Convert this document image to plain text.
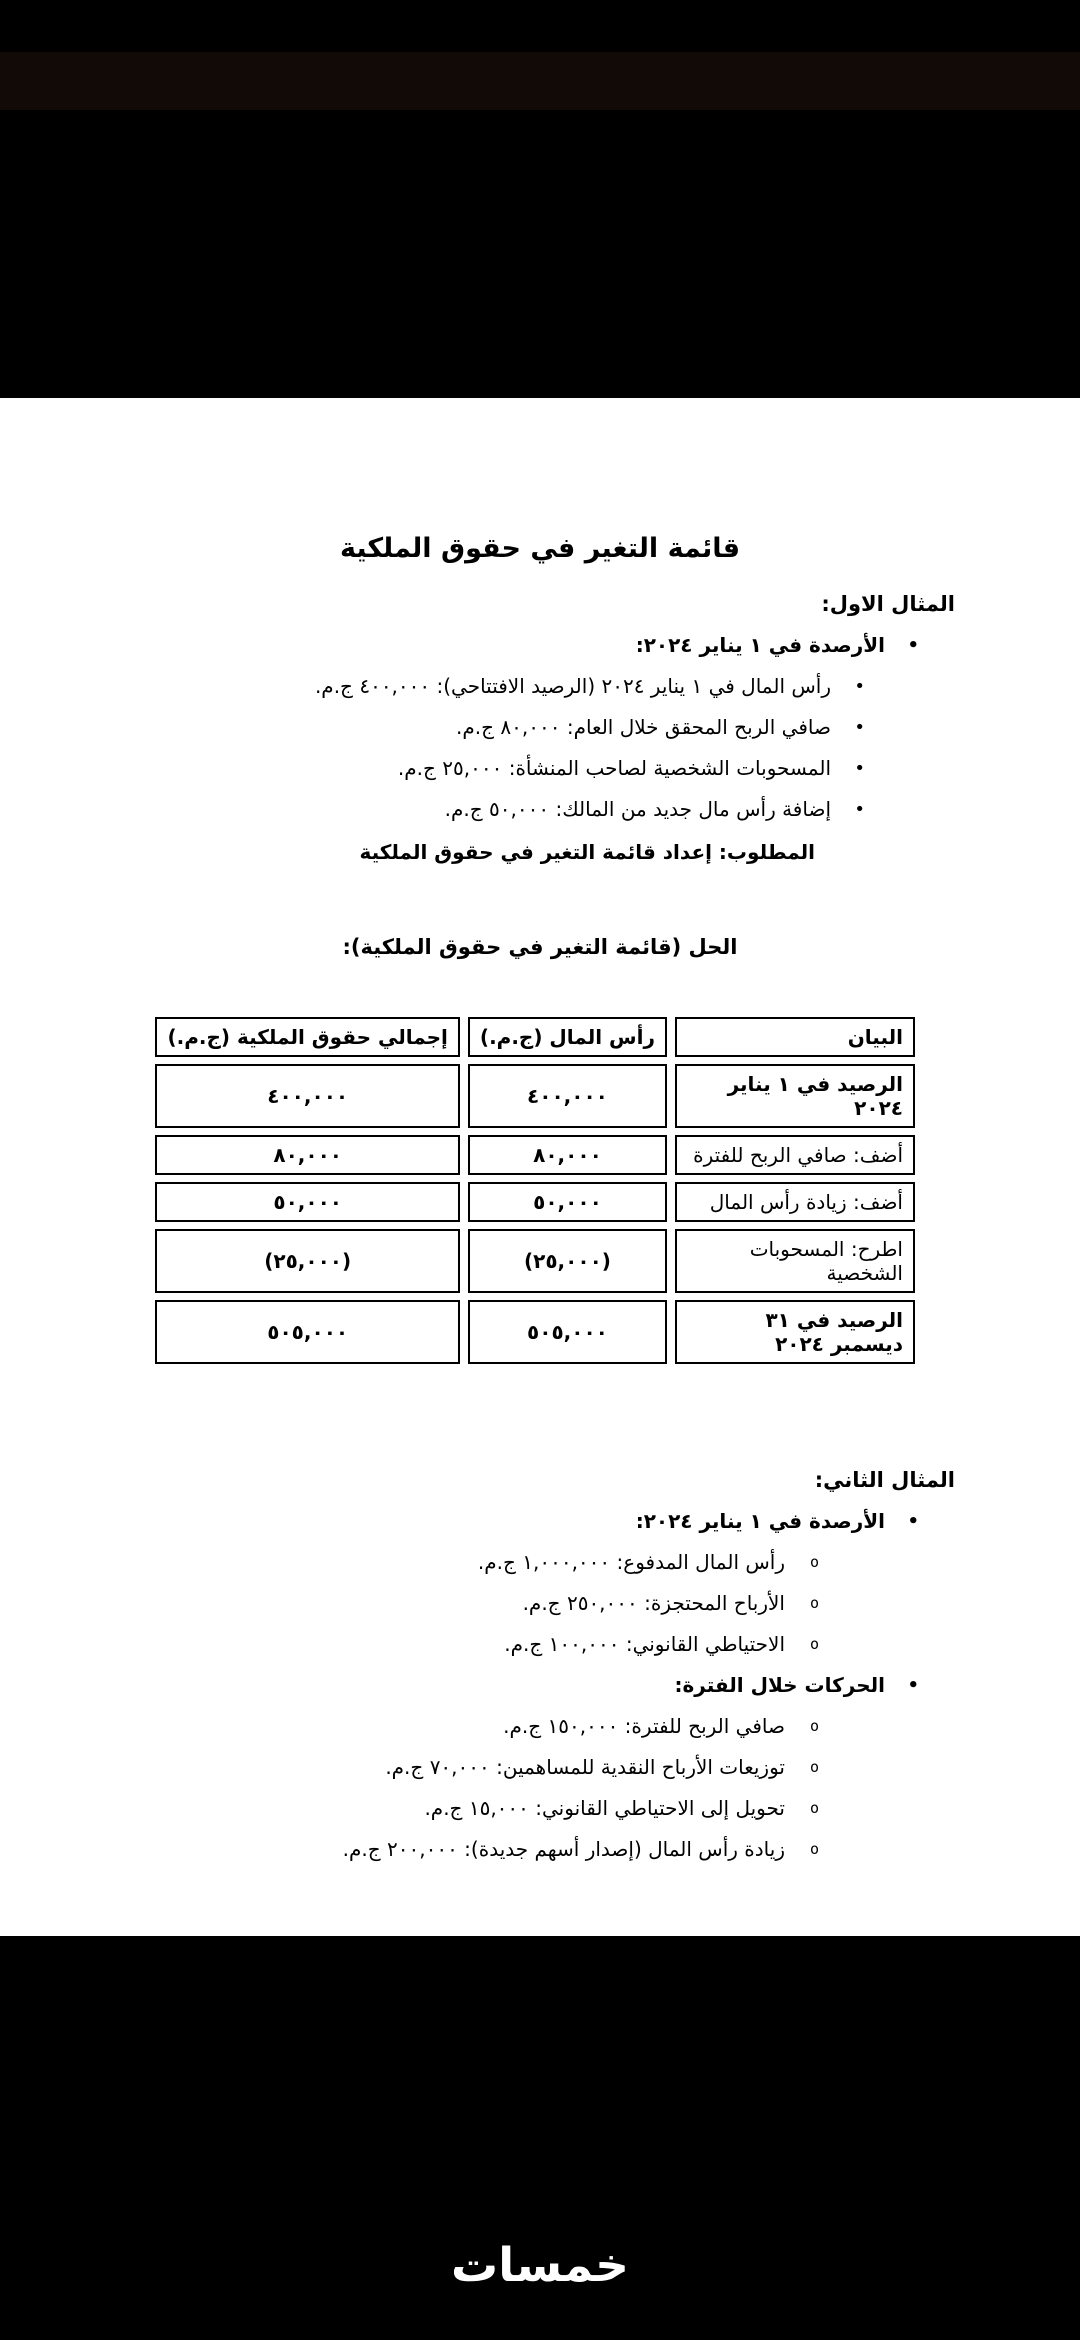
قائمة التغير في حقوق الملكية
المثال الاول:
•
الأرصدة في ١ يناير ٢٠٢٤:
•
رأس المال في ١ يناير ٢٠٢٤ (الرصيد الافتتاحي): ٤٠٠,٠٠٠ ج.م.
•
صافي الربح المحقق خلال العام: ٨٠,٠٠٠ ج.م.
•
المسحوبات الشخصية لصاحب المنشأة: ٢٥,٠٠٠ ج.م.
•
إضافة رأس مال جديد من المالك: ٥٠,٠٠٠ ج.م.

المطلوب: إعداد قائمة التغير في حقوق الملكية

الحل (قائمة التغير في حقوق الملكية):
البيان	رأس المال (ج.م.)	إجمالي حقوق الملكية (ج.م.)
الرصيد في ١ يناير ٢٠٢٤	٤٠٠,٠٠٠	٤٠٠,٠٠٠
أضف: صافي الربح للفترة	٨٠,٠٠٠	٨٠,٠٠٠
أضف: زيادة رأس المال	٥٠,٠٠٠	٥٠,٠٠٠
اطرح: المسحوبات الشخصية	(٢٥,٠٠٠)	(٢٥,٠٠٠)
الرصيد في ٣١ ديسمبر ٢٠٢٤	٥٠٥,٠٠٠	٥٠٥,٠٠٠
المثال الثاني:
•
الأرصدة في ١ يناير ٢٠٢٤:
o
رأس المال المدفوع: ١,٠٠٠,٠٠٠ ج.م.
o
الأرباح المحتجزة: ٢٥٠,٠٠٠ ج.م.
o
الاحتياطي القانوني: ١٠٠,٠٠٠ ج.م.
•
الحركات خلال الفترة:
o
صافي الربح للفترة: ١٥٠,٠٠٠ ج.م.
o
توزيعات الأرباح النقدية للمساهمين: ٧٠,٠٠٠ ج.م.
o
تحويل إلى الاحتياطي القانوني: ١٥,٠٠٠ ج.م.
o
زيادة رأس المال (إصدار أسهم جديدة): ٢٠٠,٠٠٠ ج.م.
خمسات
